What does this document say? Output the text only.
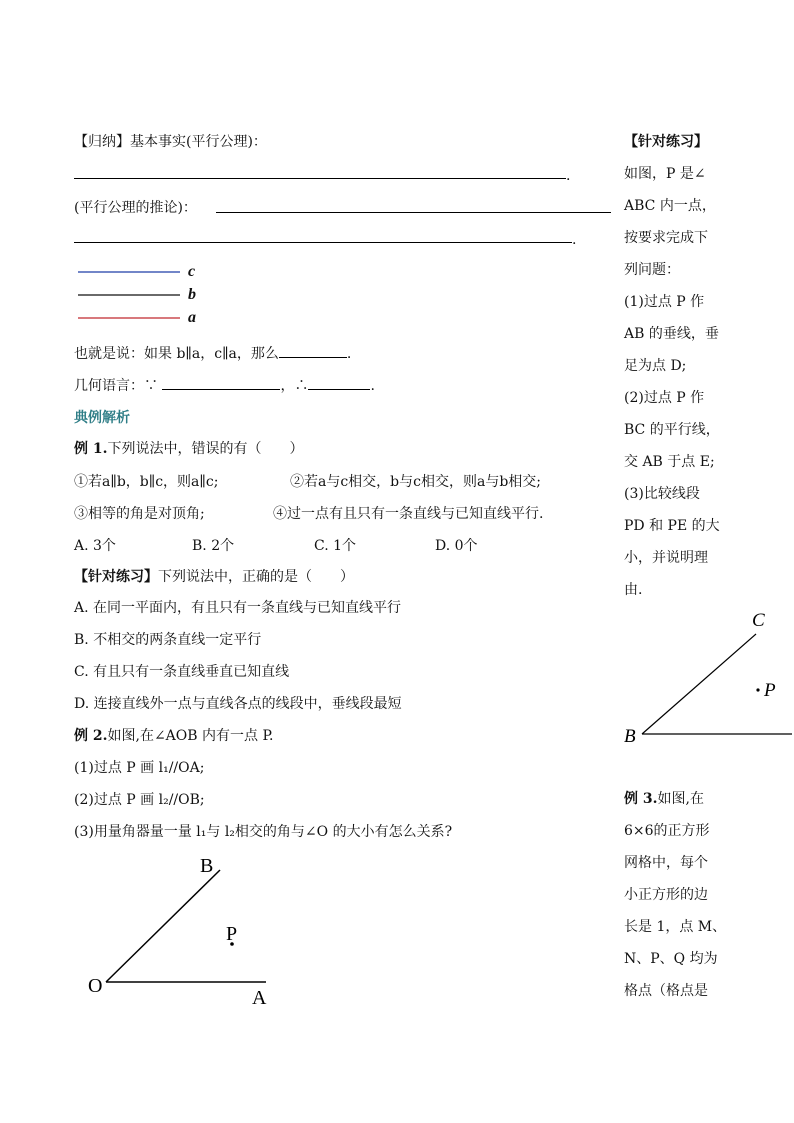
【归纳】基本事实(平行公理)：
.
(平行公理的推论)：
.
c
b
a
也就是说：如果 b∥a，c∥a，那么	.
几何语言：∵	，∴	.
典例解析
例 1.下列说法中，错误的有（　　）
①若a∥b，b∥c，则a∥c;	②若a与c相交，b与c相交，则a与b相交;
③相等的角是对顶角;	④过一点有且只有一条直线与已知直线平行.
A. 3个	B. 2个	C. 1个	D. 0个
【针对练习】下列说法中，正确的是（　　）
A. 在同一平面内，有且只有一条直线与已知直线平行
B. 不相交的两条直线一定平行
C. 有且只有一条直线垂直已知直线
D. 连接直线外一点与直线各点的线段中，垂线段最短
例 2.如图,在∠AOB 内有一点 P.
(1)过点 P 画 l₁//OA;
(2)过点 P 画 l₂//OB;
(3)用量角器量一量 l₁与 l₂相交的角与∠O 的大小有怎么关系?
B
P
O
A
【针对练习】
如图，P 是∠
ABC 内一点，
按要求完成下
列问题：
(1)过点 P 作
AB 的垂线，垂
足为点 D;
(2)过点 P 作
BC 的平行线，
交 AB 于点 E;
(3)比较线段
PD 和 PE 的大
小，并说明理
由.
C
P
B
例 3.如图,在
6×6的正方形
网格中，每个
小正方形的边
长是 1，点 M、
N、P、Q 均为
格点（格点是
